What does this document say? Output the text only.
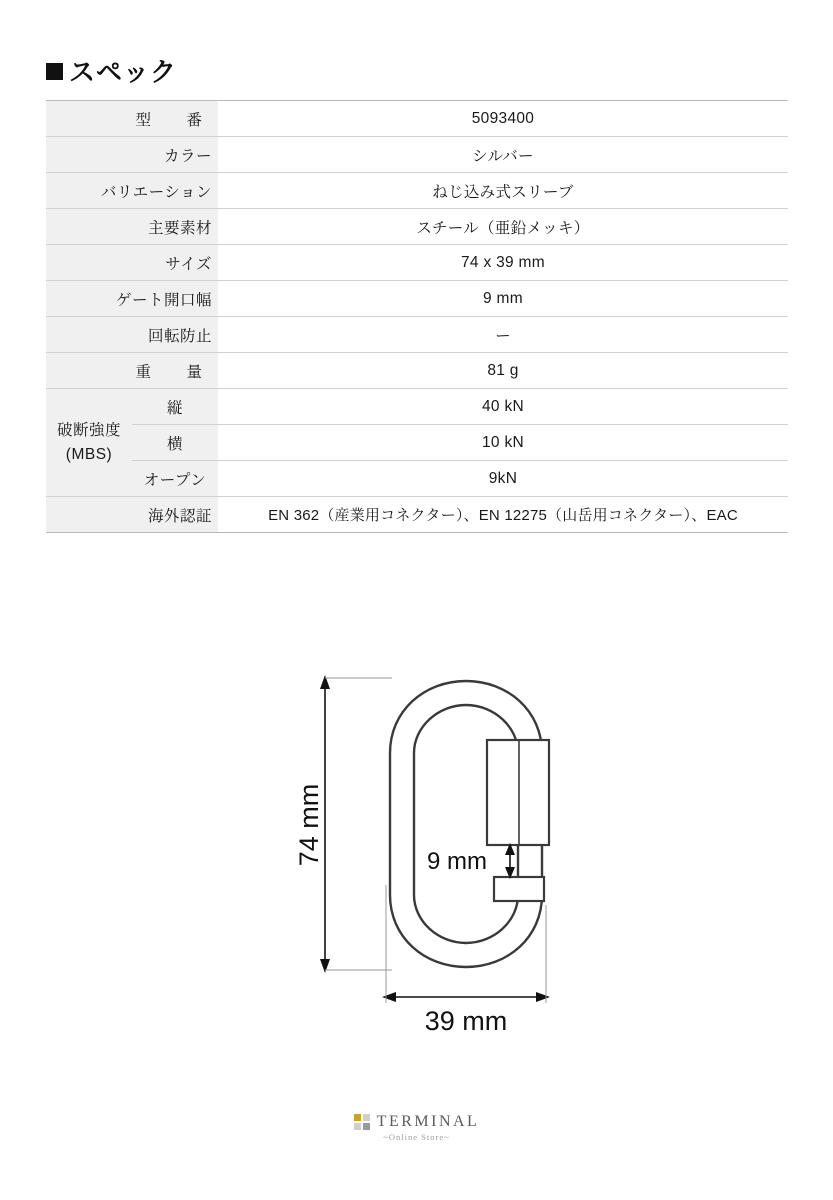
スペック
型　番		5093400
カラー		シルバー
バリエーション		ねじ込み式スリーブ
主要素材		スチール（亜鉛メッキ）
サイズ		74 x 39 mm
ゲート開口幅		9 mm
回転防止		ー
重　量		81 g
破断強度
(MBS)	縦	40 kN
	横	10 kN
	オープン	9kN
海外認証		EN 362（産業用コネクター）、EN 12275（山岳用コネクター）、EAC
74 mm
39 mm
9 mm
TERMINAL
~Online Store~
